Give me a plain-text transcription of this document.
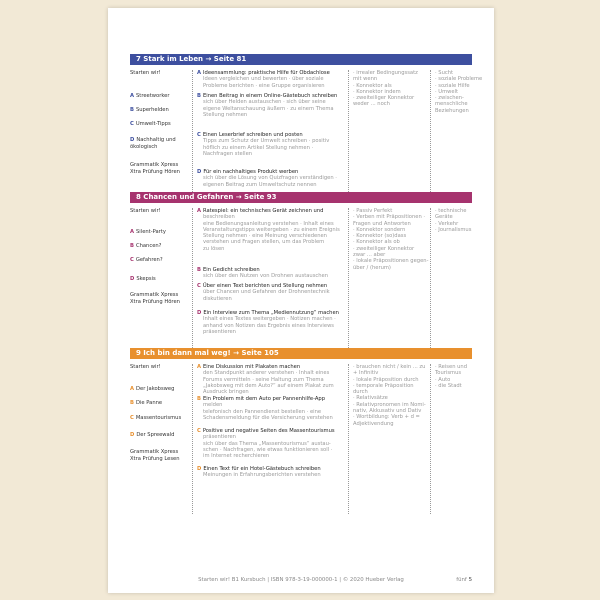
7 Stark im Leben → Seite 81
Starten wir!
A Streetworker
B Superhelden
C Umwelt-Tipps
D Nachhaltig und
ökologisch
Grammatik Xpress
Xtra Prüfung Hören
A Ideensammlung: praktische Hilfe für Obdachlose
Ideen vergleichen und bewerten · über soziale
Probleme berichten · eine Gruppe organisieren
B Einen Beitrag in einem Online-Gästebuch schreiben
sich über Helden austauschen · sich über seine
eigene Weltanschauung äußern · zu einem Thema
Stellung nehmen
C Einen Leserbrief schreiben und posten
Tipps zum Schutz der Umwelt schreiben · positiv
höflich zu einem Artikel Stellung nehmen ·
Nachfragen stellen
D Für ein nachhaltiges Produkt werben
sich über die Lösung von Quizfragen verständigen ·
eigenen Beitrag zum Umweltschutz nennen
· irrealer Bedingungssatz
mit wenn
· Konnektor als
· Konnektor indem
· zweiteiliger Konnektor
weder ... noch
· Sucht
· soziale Probleme
· soziale Hilfe
· Umwelt
· zwischen-
menschliche
Beziehungen
8 Chancen und Gefahren → Seite 93
Starten wir!
A Silent-Party
B Chancen?
C Gefahren?
D Skepsis
Grammatik Xpress
Xtra Prüfung Hören
A Ratespiel: ein technisches Gerät zeichnen und
beschreiben
eine Bedienungsanleitung verstehen · Inhalt eines
Veranstaltungstipps weitergeben · zu einem Ereignis
Stellung nehmen · eine Meinung verschiedenen
verstehen und Fragen stellen, um das Problem
zu lösen
B Ein Gedicht schreiben
sich über den Nutzen von Drohnen austauschen
C Über einen Text berichten und Stellung nehmen
über Chancen und Gefahren der Drohnentechnik
diskutieren
D Ein Interview zum Thema „Mediennutzung“ machen
Inhalt eines Textes weitergeben · Notizen machen ·
anhand von Notizen das Ergebnis eines Interviews
präsentieren
· Passiv Perfekt
· Verben mit Präpositionen ·
Fragen und Antworten
· Konnektor sondern
· Konnektor (so)dass
· Konnektor als ob
· zweiteiliger Konnektor
zwar ... aber
· lokale Präpositionen gegen-
über / (herum)
· technische
Geräte
· Verkehr
· Journalismus
9 Ich bin dann mal weg! → Seite 105
Starten wir!
A Der Jakobsweg
B Die Panne
C Massentourismus
D Der Spreewald
Grammatik Xpress
Xtra Prüfung Lesen
A Eine Diskussion mit Plakaten machen
den Standpunkt anderer verstehen · Inhalt eines
Forums vermitteln · seine Haltung zum Thema
„Jakobsweg mit dem Auto?“ auf einem Plakat zum
Ausdruck bringen
B Ein Problem mit dem Auto per Pannenhilfe-App
melden
telefonisch den Pannendienst bestellen · eine
Schadensmeldung für die Versicherung verstehen
C Positive und negative Seiten des Massentourismus
präsentieren
sich über das Thema „Massentourismus“ austau-
schen · Nachfragen, wie etwas funktionieren soll ·
im Internet recherchieren
D Einen Text für ein Hotel-Gästebuch schreiben
Meinungen in Erfahrungsberichten verstehen
· brauchen nicht / kein ... zu
+ Infinitiv
· lokale Präposition durch
· temporale Präposition
durch
· Relativsätze
· Relativpronomen im Nomi-
nativ, Akkusativ und Dativ
· Wortbildung: Verb + d =
Adjektivendung
· Reisen und
Tourismus
· Auto
· die Stadt
Starten wir! B1 Kursbuch | ISBN 978-3-19-000000-1 | © 2020 Hueber Verlag	fünf 5
